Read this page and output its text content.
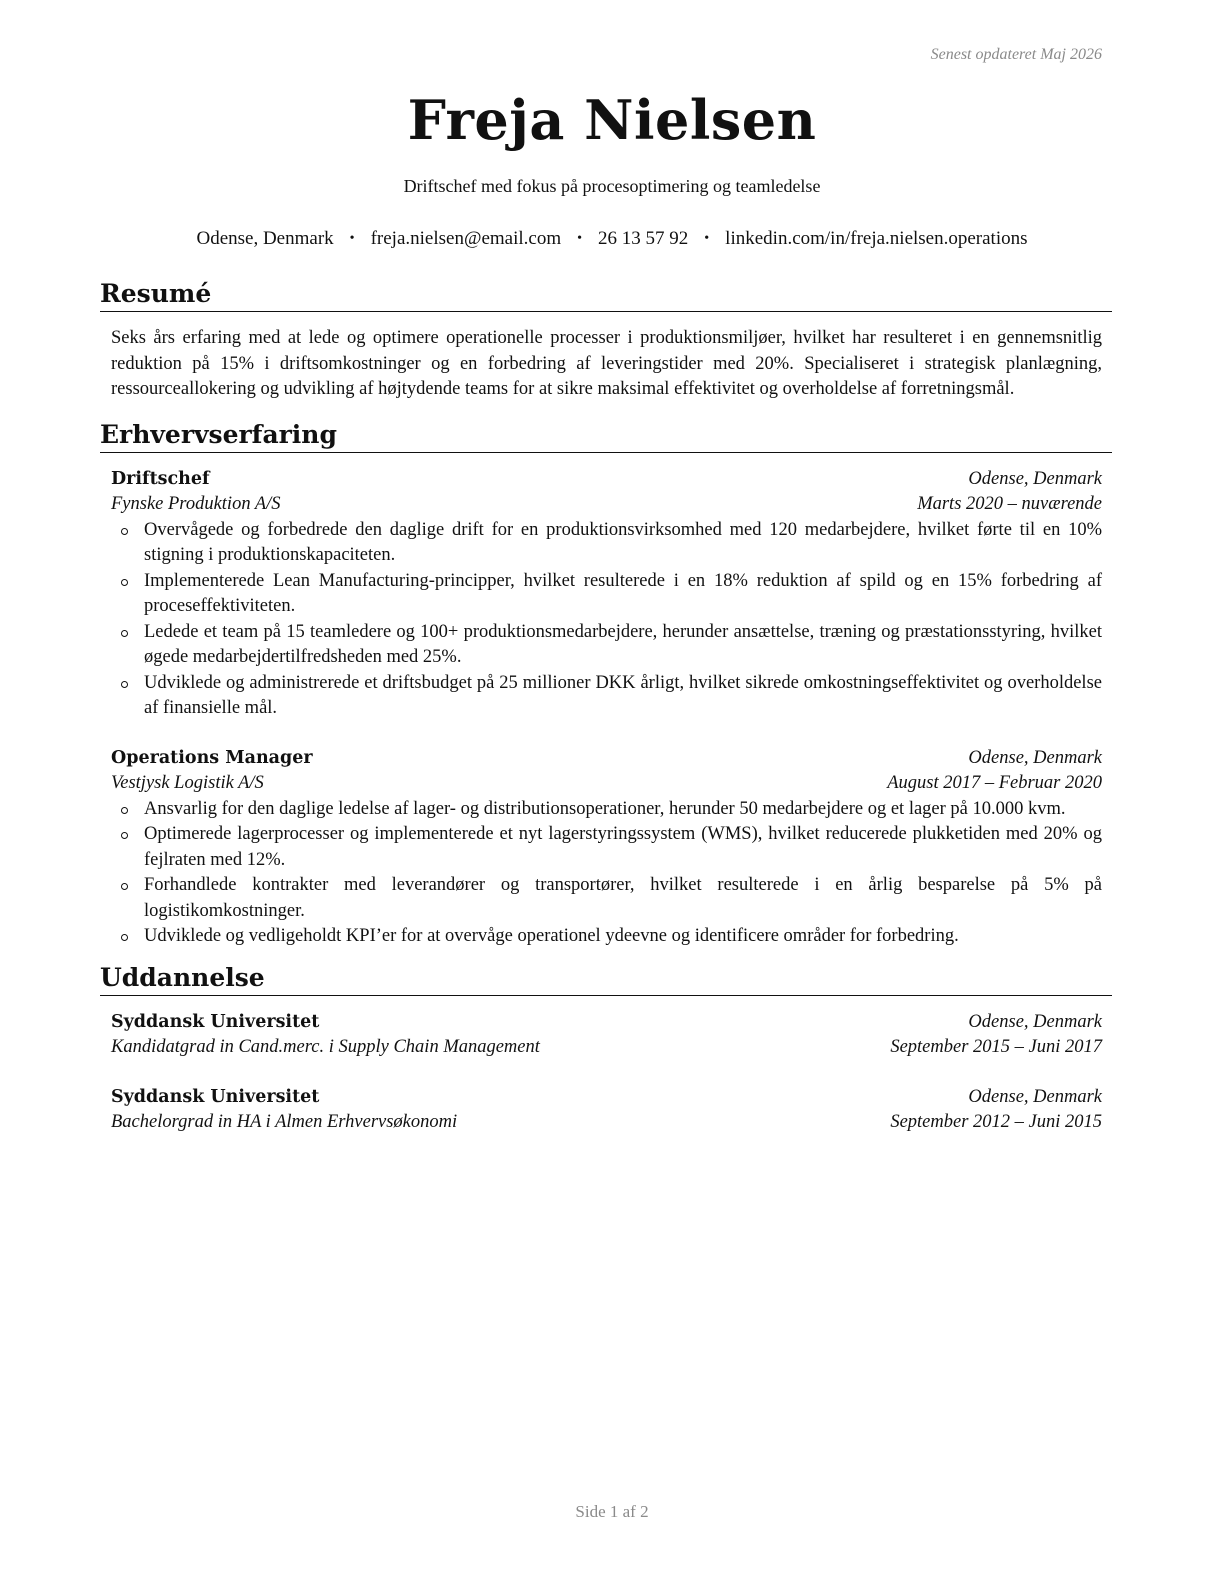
Senest opdateret Maj 2026
Freja Nielsen
Driftschef med fokus på procesoptimering og teamledelse
Odense, Denmark • freja.nielsen@email.com • 26 13 57 92 • linkedin.com/in/freja.nielsen.operations
Resumé

Seks års erfaring med at lede og optimere operationelle processer i produktionsmiljøer, hvilket har resulteret i en gennemsnitlig reduktion på 15% i driftsomkostninger og en forbedring af leveringstider med 20%. Specialiseret i strategisk planlægning, ressourceallokering og udvikling af højtydende teams for at sikre maksimal effektivitet og overholdelse af forretningsmål.

Erhvervserfaring
Driftschef	Odense, Denmark
Fynske Produktion A/S	Marts 2020 – nuværende
Overvågede og forbedrede den daglige drift for en produktionsvirksomhed med 120 medarbejdere, hvilket førte til en 10% stigning i produktionskapaciteten.
Implementerede Lean Manufacturing-principper, hvilket resulterede i en 18% reduktion af spild og en 15% forbedring af proceseffektiviteten.
Ledede et team på 15 teamledere og 100+ produktionsmedarbejdere, herunder ansættelse, træning og præstationsstyring, hvilket øgede medarbejdertilfredsheden med 25%.
Udviklede og administrerede et driftsbudget på 25 millioner DKK årligt, hvilket sikrede omkostningseffektivitet og overholdelse af finansielle mål.
Operations Manager	Odense, Denmark
Vestjysk Logistik A/S	August 2017 – Februar 2020
Ansvarlig for den daglige ledelse af lager- og distributionsoperationer, herunder 50 medarbejdere og et lager på 10.000 kvm.
Optimerede lagerprocesser og implementerede et nyt lagerstyringssystem (WMS), hvilket reducerede plukketiden med 20% og fejlraten med 12%.
Forhandlede kontrakter med leverandører og transportører, hvilket resulterede i en årlig besparelse på 5% på logistikomkostninger.
Udviklede og vedligeholdt KPI’er for at overvåge operationel ydeevne og identificere områder for forbedring.
Uddannelse
Syddansk Universitet	Odense, Denmark
Kandidatgrad in Cand.merc. i Supply Chain Management	September 2015 – Juni 2017
Syddansk Universitet	Odense, Denmark
Bachelorgrad in HA i Almen Erhvervsøkonomi	September 2012 – Juni 2015
Side 1 af 2
